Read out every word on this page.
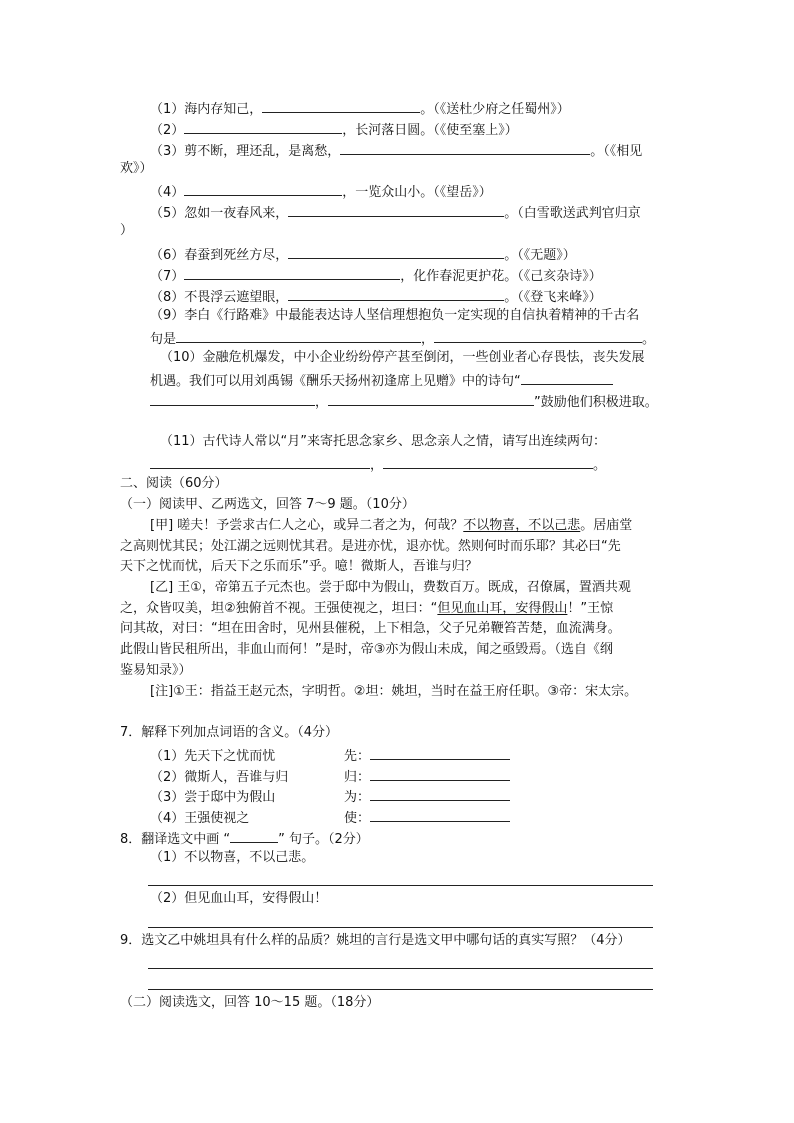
（1）海内存知己，	。（《送杜少府之任蜀州》）
（2）	，长河落日圆。（《使至塞上》）
（3）剪不断，理还乱，是离愁，	。（《相见
欢》）
（4）	，一览众山小。（《望岳》）
（5）忽如一夜春风来，	。（白雪歌送武判官归京
）
（6）春蚕到死丝方尽，	。（《无题》）
（7）	，化作春泥更护花。（《己亥杂诗》）
（8）不畏浮云遮望眼，	。（《登飞来峰》）
（9）李白《行路难》中最能表达诗人坚信理想抱负一定实现的自信执着精神的千古名
句是	，	。
（10）金融危机爆发，中小企业纷纷停产甚至倒闭，一些创业者心存畏怯，丧失发展
机遇。我们可以用刘禹锡《酬乐天扬州初逢席上见赠》中的诗句“
，	”鼓励他们积极进取。
（11）古代诗人常以“月”来寄托思念家乡、思念亲人之情，请写出连续两句：
，	。
二、阅读（60分）
（一）阅读甲、乙两选文，回答 7～9 题。（10分）
[甲] 嗟夫！予尝求古仁人之心，或异二者之为，何哉？不以物喜，不以己悲。居庙堂
之高则忧其民；处江湖之远则忧其君。是进亦忧，退亦忧。然则何时而乐耶？其必曰“先
天下之忧而忧，后天下之乐而乐”乎。噫！微斯人，吾谁与归？
[乙] 王①，帝第五子元杰也。尝于邸中为假山，费数百万。既成，召僚属，置酒共观
之，众皆叹美，坦②独俯首不视。王强使视之，坦曰：“但见血山耳，安得假山！”王惊
问其故，对曰：“坦在田舍时，见州县催税，上下相急，父子兄弟鞭笞苦楚，血流满身。
此假山皆民租所出，非血山而何！”是时，帝③亦为假山未成，闻之亟毁焉。（选自《纲
鉴易知录》）
[注]①王：指益王赵元杰，字明哲。②坦：姚坦，当时在益王府任职。③帝：宋太宗。
7．解释下列加点词语的含义。（4分）
（1）先天下之忧而忧	先：
（2）微斯人，吾谁与归	归：
（3）尝于邸中为假山	为：
（4）王强使视之	使：
8．翻译选文中画 “	” 句子。（2分）
（1）不以物喜，不以己悲。
（2）但见血山耳，安得假山！
9．选文乙中姚坦具有什么样的品质？姚坦的言行是选文甲中哪句话的真实写照？（4分）
（二）阅读选文，回答 10～15 题。（18分）
